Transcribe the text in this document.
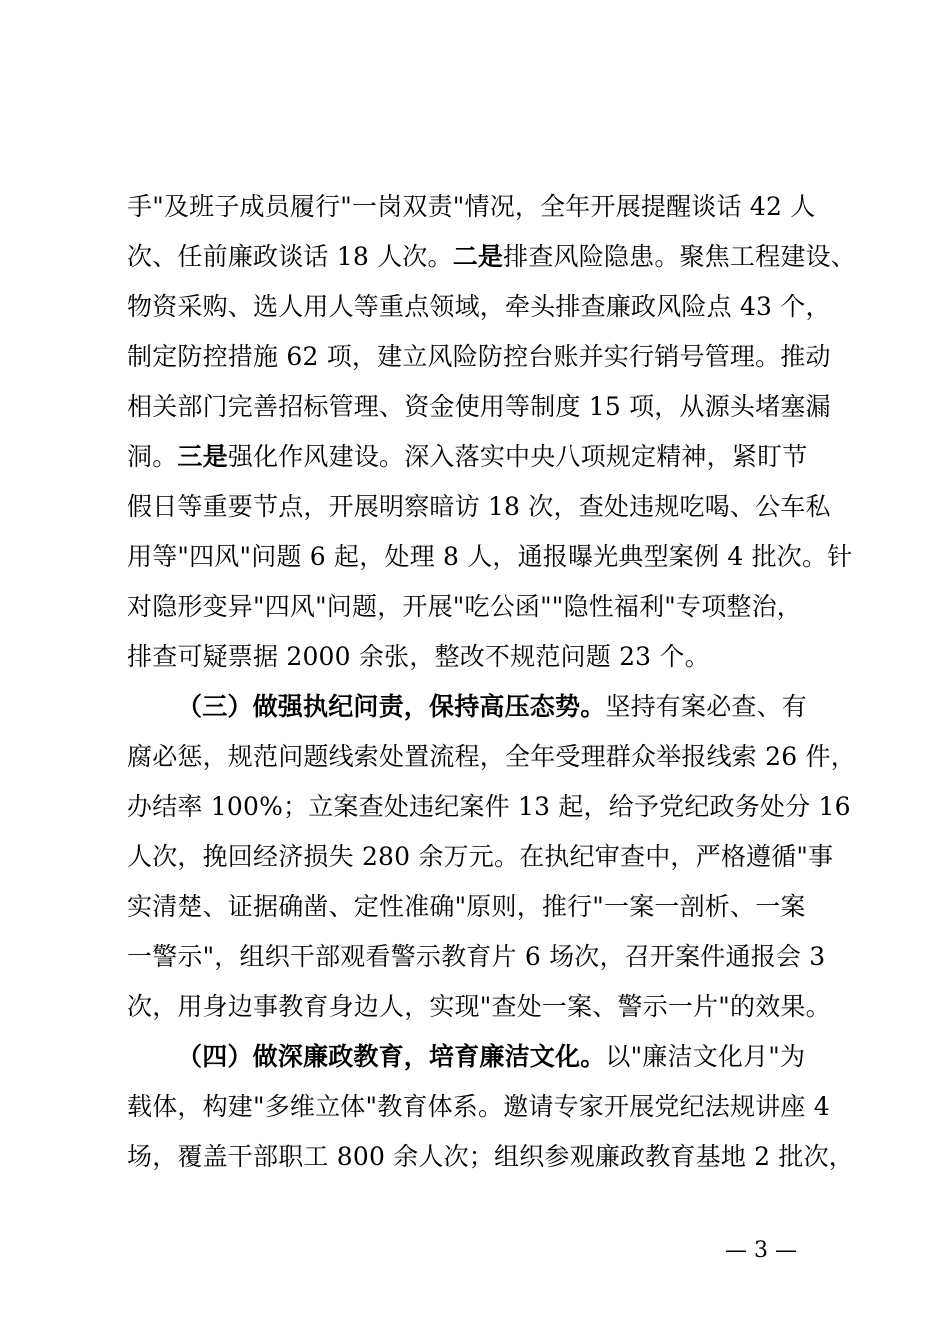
手"及班子成员履行"一岗双责"情况，全年开展提醒谈话 42 人
次、任前廉政谈话 18 人次。二是排查风险隐患。聚焦工程建设、
物资采购、选人用人等重点领域，牵头排查廉政风险点 43 个，
制定防控措施 62 项，建立风险防控台账并实行销号管理。推动
相关部门完善招标管理、资金使用等制度 15 项，从源头堵塞漏
洞。三是强化作风建设。深入落实中央八项规定精神，紧盯节
假日等重要节点，开展明察暗访 18 次，查处违规吃喝、公车私
用等"四风"问题 6 起，处理 8 人，通报曝光典型案例 4 批次。针
对隐形变异"四风"问题，开展"吃公函""隐性福利"专项整治，
排查可疑票据 2000 余张，整改不规范问题 23 个。
（三）做强执纪问责，保持高压态势。坚持有案必查、有
腐必惩，规范问题线索处置流程，全年受理群众举报线索 26 件，
办结率 100%；立案查处违纪案件 13 起，给予党纪政务处分 16
人次，挽回经济损失 280 余万元。在执纪审查中，严格遵循"事
实清楚、证据确凿、定性准确"原则，推行"一案一剖析、一案
一警示"，组织干部观看警示教育片 6 场次，召开案件通报会 3
次，用身边事教育身边人，实现"查处一案、警示一片"的效果。
（四）做深廉政教育，培育廉洁文化。以"廉洁文化月"为
载体，构建"多维立体"教育体系。邀请专家开展党纪法规讲座 4
场，覆盖干部职工 800 余人次；组织参观廉政教育基地 2 批次，
— 3 —
